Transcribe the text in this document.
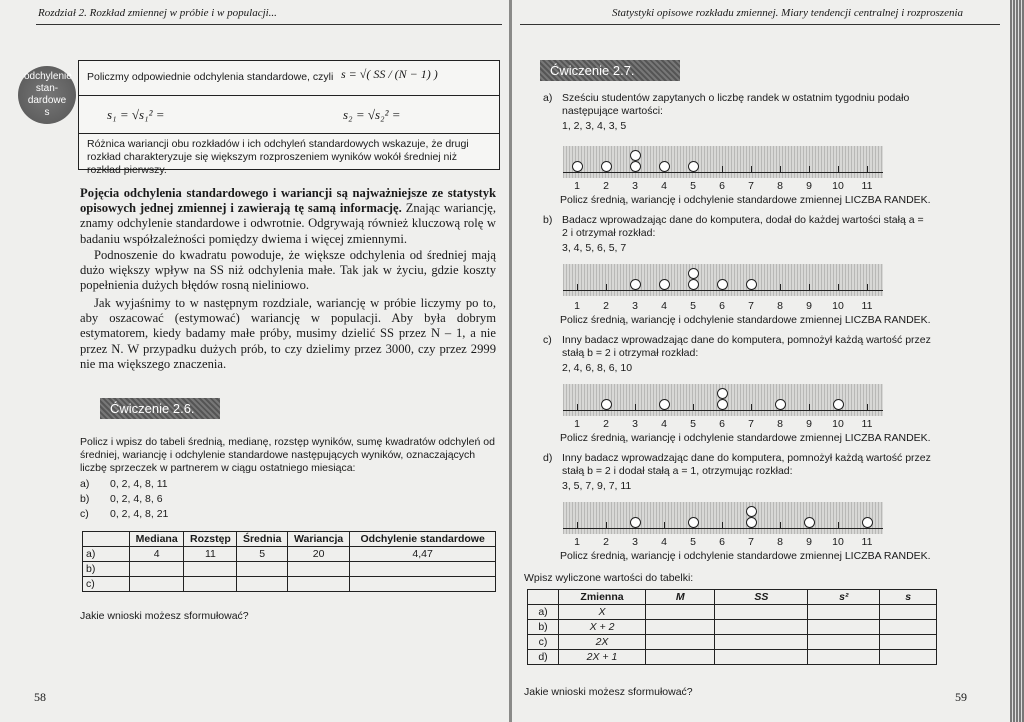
Rozdział 2. Rozkład zmiennej w próbie i w populacji...
odchylenie stan- dardowe s
Policzmy odpowiednie odchylenia standardowe, czyli s = √( SS / (N − 1) )
s₁ = √s₁² =	s₂ = √s₂² =
Różnica wariancji obu rozkładów i ich odchyleń standardowych wskazuje, że drugi rozkład charakteryzuje się większym rozproszeniem wyników wokół średniej niż rozkład pierwszy.
Pojęcia odchylenia standardowego i wariancji są najważniejsze ze statystyk opisowych jednej zmiennej i zawierają tę samą informację. Znając wariancję, znamy odchylenie standardowe i odwrotnie. Odgrywają również kluczową rolę w badaniu współzależności pomiędzy dwiema i więcej zmiennymi.
Podnoszenie do kwadratu powoduje, że większe odchylenia od średniej mają dużo większy wpływ na SS niż odchylenia małe. Tak jak w życiu, gdzie koszty popełnienia dużych błędów rosną nieliniowo.
Jak wyjaśnimy to w następnym rozdziale, wariancję w próbie liczymy po to, aby oszacować (estymować) wariancję w populacji. Aby była dobrym estymatorem, kiedy badamy małe próby, musimy dzielić SS przez N – 1, a nie przez N. W przypadku dużych prób, to czy dzielimy przez 3000, czy przez 2999 nie ma większego znaczenia.
Ćwiczenie 2.6.
Policz i wpisz do tabeli średnią, medianę, rozstęp wyników, sumę kwadratów odchyleń od średniej, wariancję i odchylenie standardowe następujących wyników, oznaczających liczbę sprzeczek w partnerem w ciągu ostatniego miesiąca:
a) 0, 2, 4, 8, 11
b) 0, 2, 4, 8, 6
c) 0, 2, 4, 8, 21
	Mediana	Rozstęp	Średnia	Wariancja	Odchylenie standardowe
a)	4	11	5	20	4,47
b)					
c)					
Jakie wnioski możesz sformułować?
58
Statystyki opisowe rozkładu zmiennej. Miary tendencji centralnej i rozproszenia
Ćwiczenie 2.7.
a) Sześciu studentów zapytanych o liczbę randek w ostatnim tygodniu podało następujące wartości:
1, 2, 3, 4, 3, 5
1	2	3	4	5	6	7	8	9	10	11
Policz średnią, wariancję i odchylenie standardowe zmiennej LICZBA RANDEK.
b) Badacz wprowadzając dane do komputera, dodał do każdej wartości stałą a = 2 i otrzymał rozkład:
3, 4, 5, 6, 5, 7
1	2	3	4	5	6	7	8	9	10	11
Policz średnią, wariancję i odchylenie standardowe zmiennej LICZBA RANDEK.
c) Inny badacz wprowadzając dane do komputera, pomnożył każdą wartość przez stałą b = 2 i otrzymał rozkład:
2, 4, 6, 8, 6, 10
1	2	3	4	5	6	7	8	9	10	11
Policz średnią, wariancję i odchylenie standardowe zmiennej LICZBA RANDEK.
d) Inny badacz wprowadzając dane do komputera, pomnożył każdą wartość przez stałą b = 2 i dodał stałą a = 1, otrzymując rozkład:
3, 5, 7, 9, 7, 11
1	2	3	4	5	6	7	8	9	10	11
Policz średnią, wariancję i odchylenie standardowe zmiennej LICZBA RANDEK.
Wpisz wyliczone wartości do tabelki:
	Zmienna	M	SS	s²	s
a)	X				
b)	X + 2				
c)	2X				
d)	2X + 1				
Jakie wnioski możesz sformułować?	59
